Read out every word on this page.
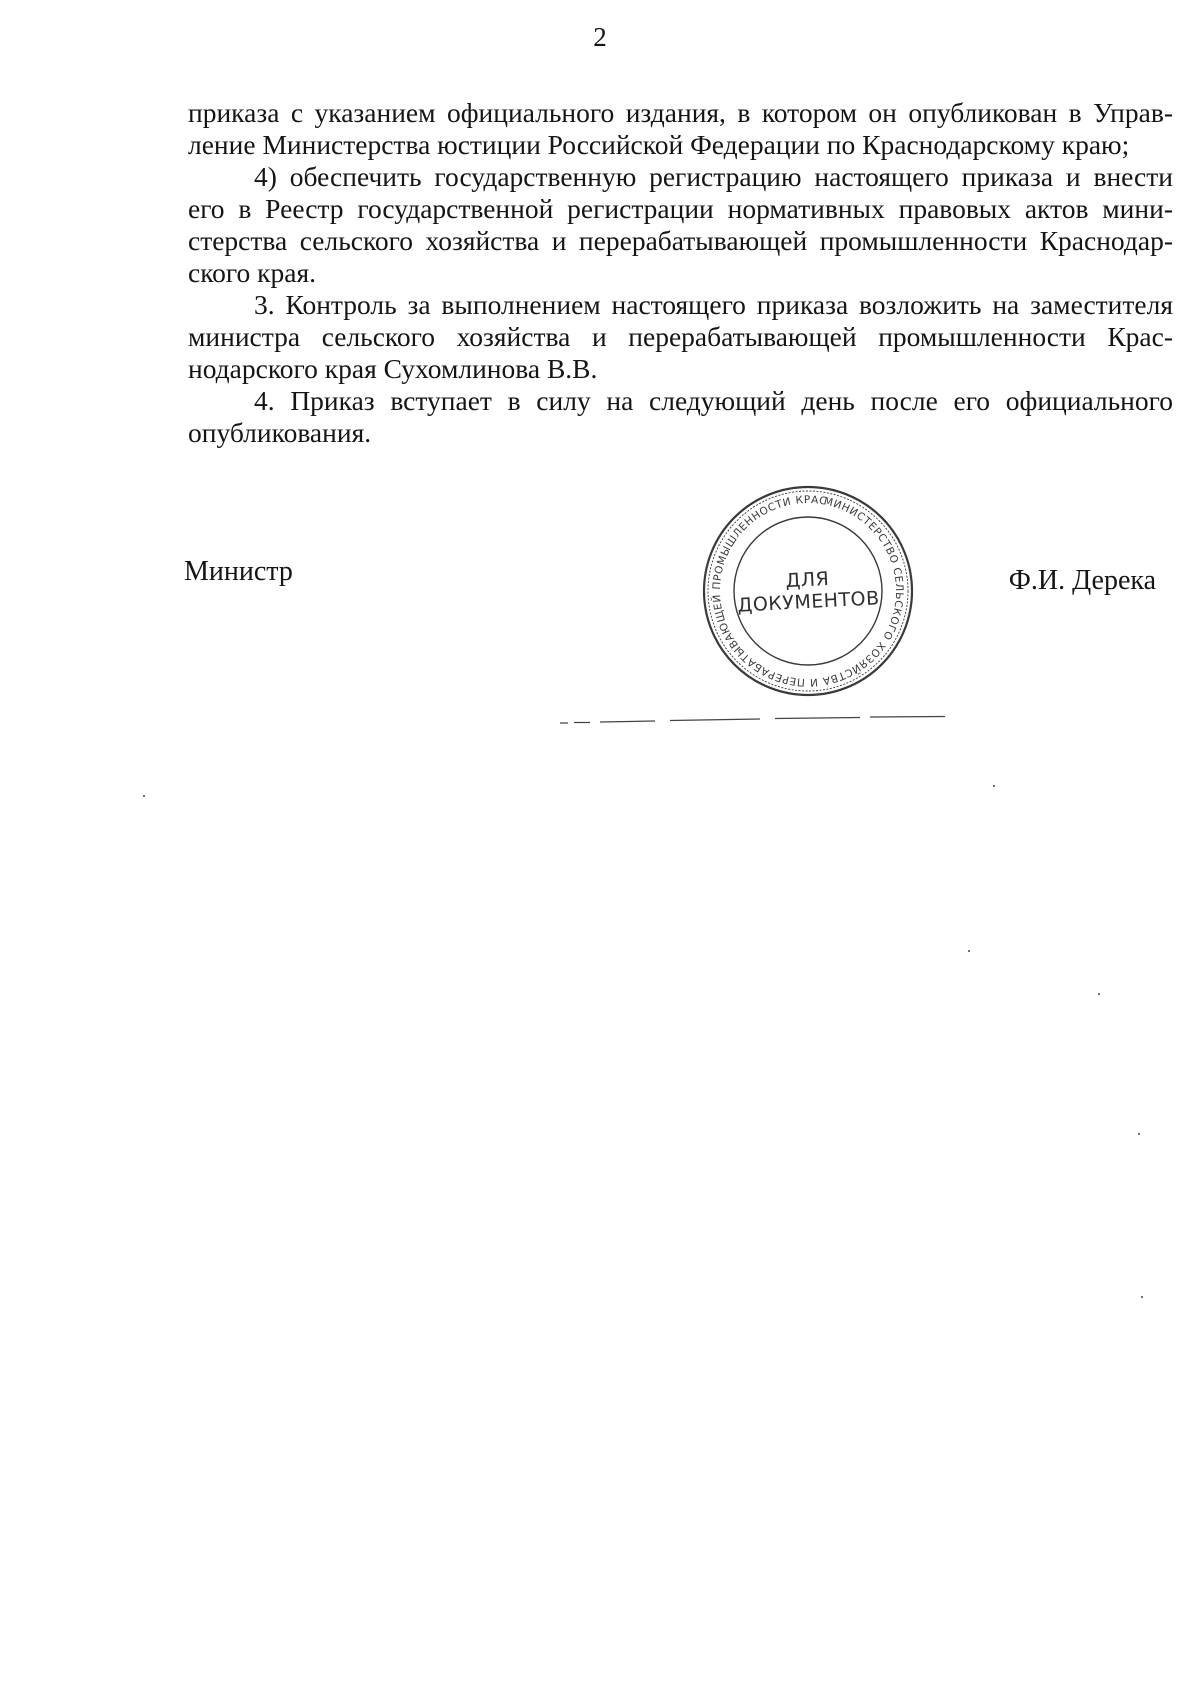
2

приказа с указанием официального издания, в котором он опубликован в Управление Министерства юстиции Российской Федерации по Краснодарскому краю;

4) обеспечить государственную регистрацию настоящего приказа и внести его в Реестр государственной регистрации нормативных правовых актов министерства сельского хозяйства и перерабатывающей промышленности Краснодарского края.

3. Контроль за выполнением настоящего приказа возложить на заместителя министра сельского хозяйства и перерабатывающей промышленности Краснодарского края Сухомлинова В.В.

4. Приказ вступает в силу на следующий день после его официального опубликования.

Министр
МИНИСТЕРСТВО СЕЛЬСКОГО ХОЗЯЙСТВА И ПЕРЕРАБАТЫВАЮЩЕЙ ПРОМЫШЛЕННОСТИ КРАСНОДАРСКОГО
ДЛЯ
ДОКУМЕНТОВ
Ф.И. Дерека
